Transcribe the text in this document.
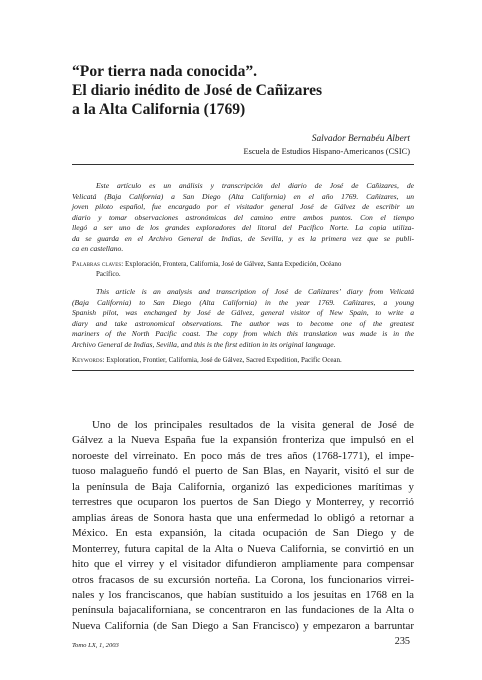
“Por tierra nada conocida”.
El diario inédito de José de Cañizares
a la Alta California (1769)
Salvador Bernabéu Albert
Escuela de Estudios Hispano-Americanos (CSIC)
Este artículo es un análisis y transcripción del diario de José de Cañizares, de
Velicatá (Baja California) a San Diego (Alta California) en el año 1769. Cañizares, un
joven piloto español, fue encargado por el visitador general José de Gálvez de escribir un
diario y tomar observaciones astronómicas del camino entre ambos puntos. Con el tiempo
llegó a ser uno de los grandes exploradores del litoral del Pacífico Norte. La copia utiliza-
da se guarda en el Archivo General de Indias, de Sevilla, y es la primera vez que se publi-
ca en castellano.
Palabras claves: Exploración, Frontera, California, José de Gálvez, Santa Expedición, Océano
Pacífico.
This article is an analysis and transcription of José de Cañizares’ diary from Velicatá
(Baja California) to San Diego (Alta California) in the year 1769. Cañizares, a young
Spanish pilot, was enchanged by José de Gálvez, general visitor of New Spain, to write a
diary and take astronomical observations. The author was to become one of the greatest
mariners of the North Pacific coast. The copy from which this translation was made is in the
Archivo General de Indias, Sevilla, and this is the first edition in its original language.
Keywords: Exploration, Frontier, California, José de Gálvez, Sacred Expedition, Pacific Ocean.
Uno de los principales resultados de la visita general de José de
Gálvez a la Nueva España fue la expansión fronteriza que impulsó en el
noroeste del virreinato. En poco más de tres años (1768-1771), el impe-
tuoso malagueño fundó el puerto de San Blas, en Nayarit, visitó el sur de
la península de Baja California, organizó las expediciones marítimas y
terrestres que ocuparon los puertos de San Diego y Monterrey, y recorrió
amplias áreas de Sonora hasta que una enfermedad lo obligó a retornar a
México. En esta expansión, la citada ocupación de San Diego y de
Monterrey, futura capital de la Alta o Nueva California, se convirtió en un
hito que el virrey y el visitador difundieron ampliamente para compensar
otros fracasos de su excursión norteña. La Corona, los funcionarios virrei-
nales y los franciscanos, que habían sustituido a los jesuitas en 1768 en la
península bajacaliforniana, se concentraron en las fundaciones de la Alta o
Nueva California (de San Diego a San Francisco) y empezaron a barruntar
Tomo LX, 1, 2003	235
